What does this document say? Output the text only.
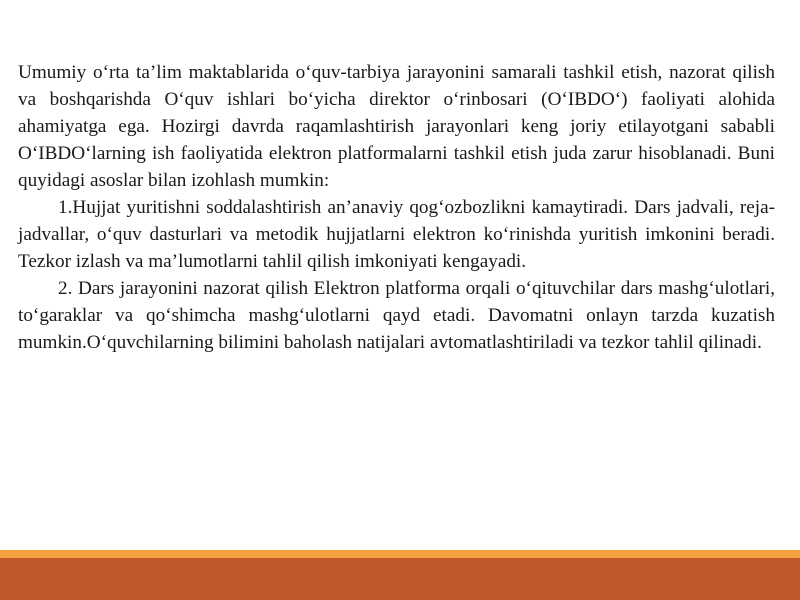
Umumiy o‘rta ta’lim maktablarida o‘quv-tarbiya jarayonini samarali tashkil etish, nazorat qilish va boshqarishda O‘quv ishlari bo‘yicha direktor o‘rinbosari (O‘IBDO‘) faoliyati alohida ahamiyatga ega. Hozirgi davrda raqamlashtirish jarayonlari keng joriy etilayotgani sababli O‘IBDO‘larning ish faoliyatida elektron platformalarni tashkil etish juda zarur hisoblanadi. Buni quyidagi asoslar bilan izohlash mumkin:

1.Hujjat yuritishni soddalashtirish an’anaviy qog‘ozbozlikni kamaytiradi. Dars jadvali, reja-jadvallar, o‘quv dasturlari va metodik hujjatlarni elektron ko‘rinishda yuritish imkonini beradi. Tezkor izlash va ma’lumotlarni tahlil qilish imkoniyati kengayadi.

2. Dars jarayonini nazorat qilish Elektron platforma orqali o‘qituvchilar dars mashg‘ulotlari, to‘garaklar va qo‘shimcha mashg‘ulotlarni qayd etadi. Davomatni onlayn tarzda kuzatish mumkin.O‘quvchilarning bilimini baholash natijalari avtomatlashtiriladi va tezkor tahlil qilinadi.
